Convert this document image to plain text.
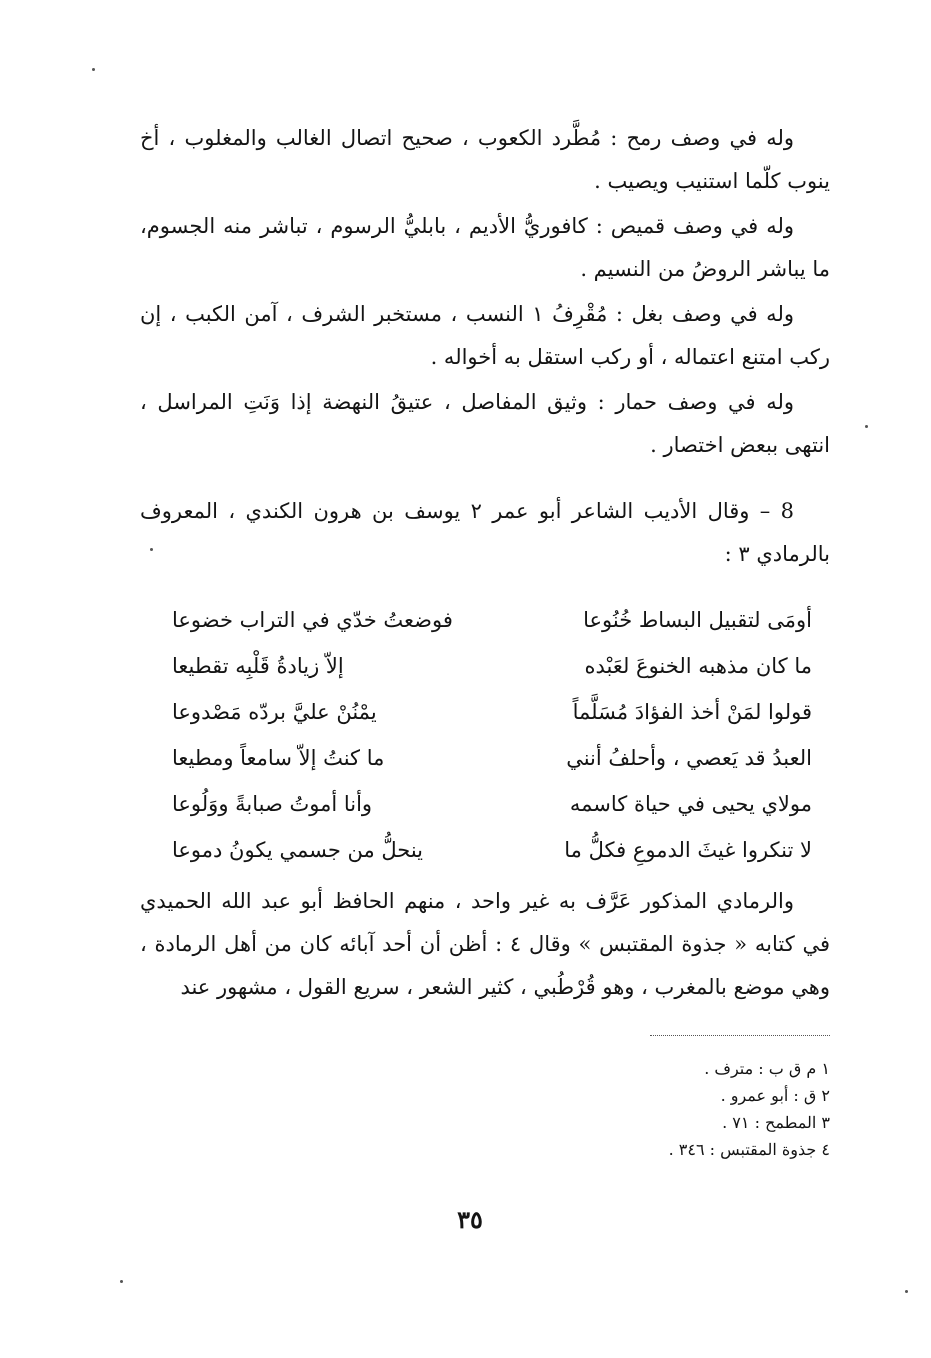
وله في وصف رمح : مُطَّرد الكعوب ، صحيح اتصال الغالب والمغلوب ، أخ ينوب كلّما استنيب ويصيب .

وله في وصف قميص : كافوريُّ الأديم ، بابليُّ الرسوم ، تباشر منه الجسوم، ما يباشر الروضُ من النسيم .

وله في وصف بغل : مُقْرِفُ ١ النسب ، مستخبر الشرف ، آمن الكبب ، إن ركب امتنع اعتماله ، أو ركب استقل به أخواله .

وله في وصف حمار : وثيق المفاصل ، عتيقُ النهضة إذا وَنَتِ المراسل ، انتهى ببعض اختصار .

8 – وقال الأديب الشاعر أبو عمر ٢ يوسف بن هرون الكندي ، المعروف بالرمادي ٣ :

أومَى لتقبيل البساط خُنُوعا
فوضعتُ خدّي في التراب خضوعا
ما كان مذهبه الخنوعَ لعَبْده
إلاّ زيادةُ قَلْبِه تقطيعا
قولوا لمَنْ أخذ الفؤادَ مُسَلَّماً
يمْنُنْ عليَّ بردّه مَصْدوعا
العبدُ قد يَعصي ، وأحلفُ أنني
ما كنتُ إلاّ سامعاً ومطيعا
مولاي يحيى في حياة كاسمه
وأنا أموتُ صبابةً ووَلُوعا
لا تنكروا غيثَ الدموعِ فكلُّ ما
ينحلُّ من جسمي يكونُ دموعا

والرمادي المذكور عَرَّف به غير واحد ، منهم الحافظ أبو عبد الله الحميدي في كتابه « جذوة المقتبس » وقال ٤ : أظن أن أحد آبائه كان من أهل الرمادة ، وهي موضع بالمغرب ، وهو قُرْطُبي ، كثير الشعر ، سريع القول ، مشهور عند

١ م ق ب : مترف .
٢ ق : أبو عمرو .
٣ المطمح : ٧١ .
٤ جذوة المقتبس : ٣٤٦ .
٣٥
